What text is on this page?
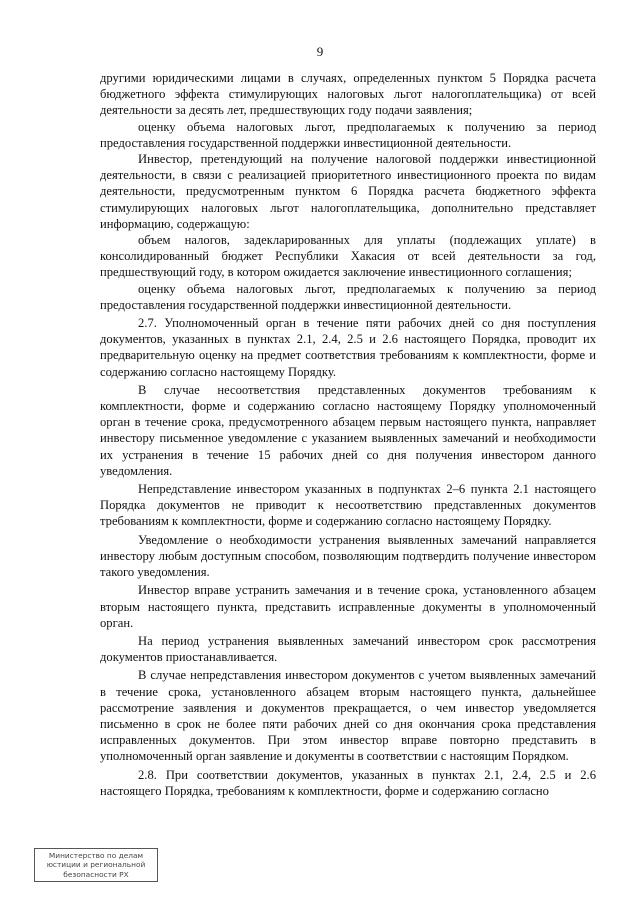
9

другими юридическими лицами в случаях, определенных пунктом 5 Порядка расчета бюджетного эффекта стимулирующих налоговых льгот налогоплательщика) от всей деятельности за десять лет, предшествующих году подачи заявления;

оценку объема налоговых льгот, предполагаемых к получению за период предоставления государственной поддержки инвестиционной деятельности.

Инвестор, претендующий на получение налоговой поддержки инвестиционной деятельности, в связи с реализацией приоритетного инвестиционного проекта по видам деятельности, предусмотренным пунктом 6 Порядка расчета бюджетного эффекта стимулирующих налоговых льгот налогоплательщика, дополнительно представляет информацию, содержащую:

объем налогов, задекларированных для уплаты (подлежащих уплате) в консолидированный бюджет Республики Хакасия от всей деятельности за год, предшествующий году, в котором ожидается заключение инвестиционного соглашения;

оценку объема налоговых льгот, предполагаемых к получению за период предоставления государственной поддержки инвестиционной деятельности.

2.7. Уполномоченный орган в течение пяти рабочих дней со дня поступления документов, указанных в пунктах 2.1, 2.4, 2.5 и 2.6 настоящего Порядка, проводит их предварительную оценку на предмет соответствия требованиям к комплектности, форме и содержанию согласно настоящему Порядку.

В случае несоответствия представленных документов требованиям к комплектности, форме и содержанию согласно настоящему Порядку уполномоченный орган в течение срока, предусмотренного абзацем первым настоящего пункта, направляет инвестору письменное уведомление с указанием выявленных замечаний и необходимости их устранения в течение 15 рабочих дней со дня получения инвестором данного уведомления.

Непредставление инвестором указанных в подпунктах 2–6 пункта 2.1 настоящего Порядка документов не приводит к несоответствию представленных документов требованиям к комплектности, форме и содержанию согласно настоящему Порядку.

Уведомление о необходимости устранения выявленных замечаний направляется инвестору любым доступным способом, позволяющим подтвердить получение инвестором такого уведомления.

Инвестор вправе устранить замечания и в течение срока, установленного абзацем вторым настоящего пункта, представить исправленные документы в уполномоченный орган.

На период устранения выявленных замечаний инвестором срок рассмотрения документов приостанавливается.

В случае непредставления инвестором документов с учетом выявленных замечаний в течение срока, установленного абзацем вторым настоящего пункта, дальнейшее рассмотрение заявления и документов прекращается, о чем инвестор уведомляется письменно в срок не более пяти рабочих дней со дня окончания срока представления исправленных документов. При этом инвестор вправе повторно представить в уполномоченный орган заявление и документы в соответствии с настоящим Порядком.

2.8. При соответствии документов, указанных в пунктах 2.1, 2.4, 2.5 и 2.6 настоящего Порядка, требованиям к комплектности, форме и содержанию согласно

Министерство по делам
юстиции и региональной
безопасности РХ
